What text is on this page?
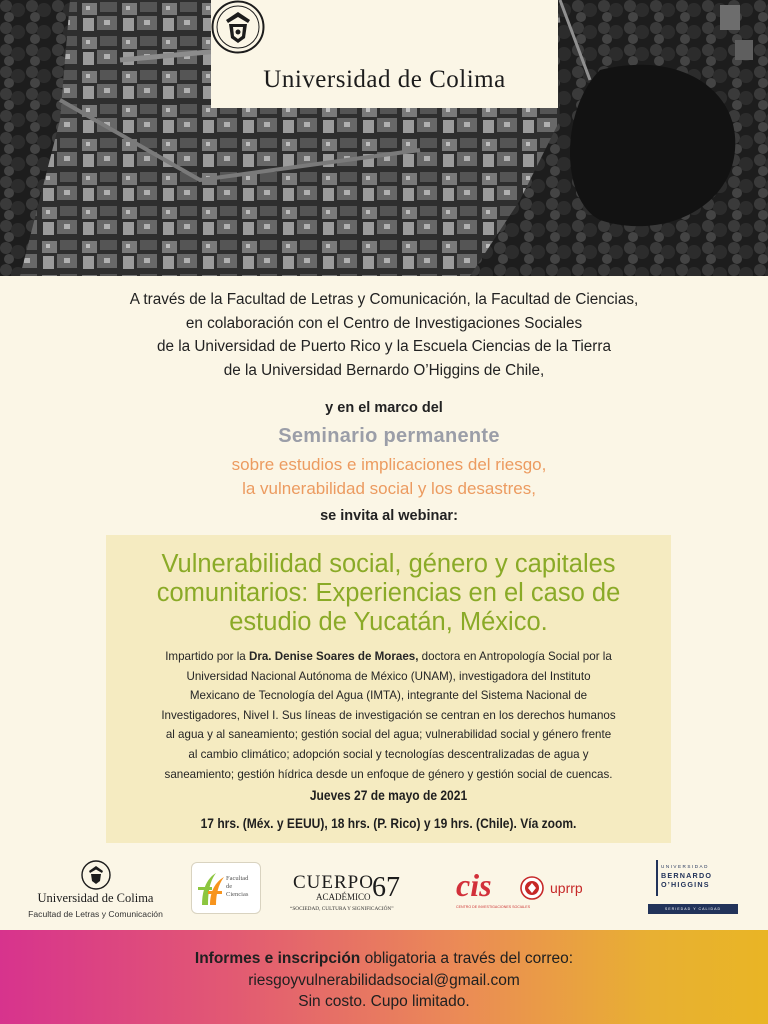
Universidad de Colima
A través de la Facultad de Letras y Comunicación, la Facultad de Ciencias,
en colaboración con el Centro de Investigaciones Sociales
de la Universidad de Puerto Rico y la Escuela Ciencias de la Tierra
de la Universidad Bernardo O’Higgins de Chile,
y en el marco del
Seminario permanente
sobre estudios e implicaciones del riesgo,
la vulnerabilidad social y los desastres,
se invita al webinar:
Vulnerabilidad social, género y capitales
comunitarios: Experiencias en el caso de
estudio de Yucatán, México.
Impartido por la Dra. Denise Soares de Moraes, doctora en Antropología Social por la
Universidad Nacional Autónoma de México (UNAM), investigadora del Instituto
Mexicano de Tecnología del Agua (IMTA), integrante del Sistema Nacional de
Investigadores, Nivel I. Sus líneas de investigación se centran en los derechos humanos
al agua y al saneamiento; gestión social del agua; vulnerabilidad social y género frente
al cambio climático; adopción social y tecnologías descentralizadas de agua y
saneamiento; gestión hídrica desde un enfoque de género y gestión social de cuencas.
Jueves 27 de mayo de 2021
17 hrs. (Méx. y EEUU), 18 hrs. (P. Rico) y 19 hrs. (Chile). Vía zoom.
Universidad de Colima
Facultad de Letras y Comunicación
Facultad
de
Ciencias
CUERPO
ACADÉMICO 67
“SOCIEDAD, CULTURA Y SIGNIFICACIÓN”
cis
CENTRO DE INVESTIGACIONES SOCIALES
uprrp
UNIVERSIDAD
BERNARDO
O’HIGGINS
SERIEDAD Y CALIDAD
Informes e inscripción obligatoria a través del correo:
riesgoyvulnerabilidadsocial@gmail.com
Sin costo. Cupo limitado.
